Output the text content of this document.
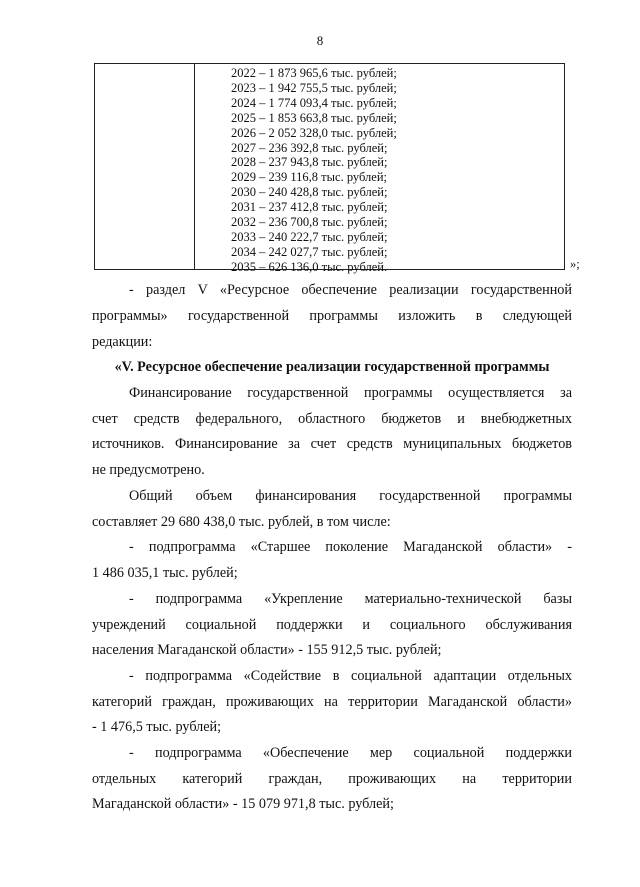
8
2022 – 1 873 965,6 тыс. рублей;
2023 – 1 942 755,5 тыс. рублей;
2024 – 1 774 093,4 тыс. рублей;
2025 – 1 853 663,8 тыс. рублей;
2026 – 2 052 328,0 тыс. рублей;
2027 – 236 392,8 тыс. рублей;
2028 – 237 943,8 тыс. рублей;
2029 – 239 116,8 тыс. рублей;
2030 – 240 428,8 тыс. рублей;
2031 – 237 412,8 тыс. рублей;
2032 – 236 700,8 тыс. рублей;
2033 – 240 222,7 тыс. рублей;
2034 – 242 027,7 тыс. рублей;
2035 – 626 136,0 тыс. рублей.	»;

- раздел V «Ресурсное обеспечение реализации государственной

программы» государственной программы изложить в следующей

редакции:

«V. Ресурсное обеспечение реализации государственной программы

Финансирование государственной программы осуществляется за

счет средств федерального, областного бюджетов и внебюджетных

источников. Финансирование за счет средств муниципальных бюджетов

не предусмотрено.

Общий объем финансирования государственной программы

составляет 29 680 438,0 тыс. рублей, в том числе:

- подпрограмма «Старшее поколение Магаданской области» -

1 486 035,1 тыс. рублей;

- подпрограмма «Укрепление материально-технической базы

учреждений социальной поддержки и социального обслуживания

населения Магаданской области» - 155 912,5 тыс. рублей;

- подпрограмма «Содействие в социальной адаптации отдельных

категорий граждан, проживающих на территории Магаданской области»

- 1 476,5 тыс. рублей;

- подпрограмма «Обеспечение мер социальной поддержки

отдельных категорий граждан, проживающих на территории

Магаданской области» - 15 079 971,8 тыс. рублей;
